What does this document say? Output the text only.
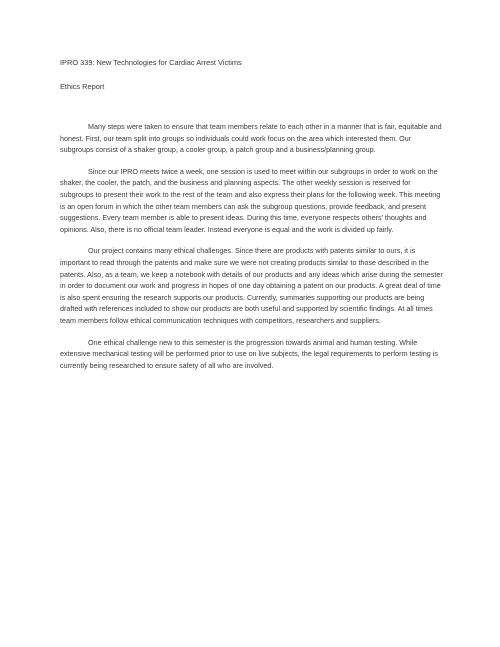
IPRO 339: New Technologies for Cardiac Arrest Victims
Ethics Report

Many steps were taken to ensure that team members relate to each other in a manner that is fair, equitable and honest. First, our team split into groups so individuals could work focus on the area which interested them. Our subgroups consist of a shaker group, a cooler group, a patch group and a business/planning group.

Since our IPRO meets twice a week, one session is used to meet within our subgroups in order to work on the shaker, the cooler, the patch, and the business and planning aspects. The other weekly session is reserved for subgroups to present their work to the rest of the team and also express their plans for the following week. This meeting is an open forum in which the other team members can ask the subgroup questions, provide feedback, and present suggestions. Every team member is able to present ideas. During this time, everyone respects others’ thoughts and opinions. Also, there is no official team leader. Instead everyone is equal and the work is divided up fairly.

Our project contains many ethical challenges. Since there are products with patents similar to ours, it is important to read through the patents and make sure we were not creating products similar to those described in the patents. Also, as a team, we keep a notebook with details of our products and any ideas which arise during the semester in order to document our work and progress in hopes of one day obtaining a patent on our products. A great deal of time is also spent ensuring the research supports our products. Currently, summaries supporting our products are being drafted with references included to show our products are both useful and supported by scientific findings. At all times team members follow ethical communication techniques with competitors, researchers and suppliers.

One ethical challenge new to this semester is the progression towards animal and human testing. While extensive mechanical testing will be performed prior to use on live subjects, the legal requirements to perform testing is currently being researched to ensure safety of all who are involved.
